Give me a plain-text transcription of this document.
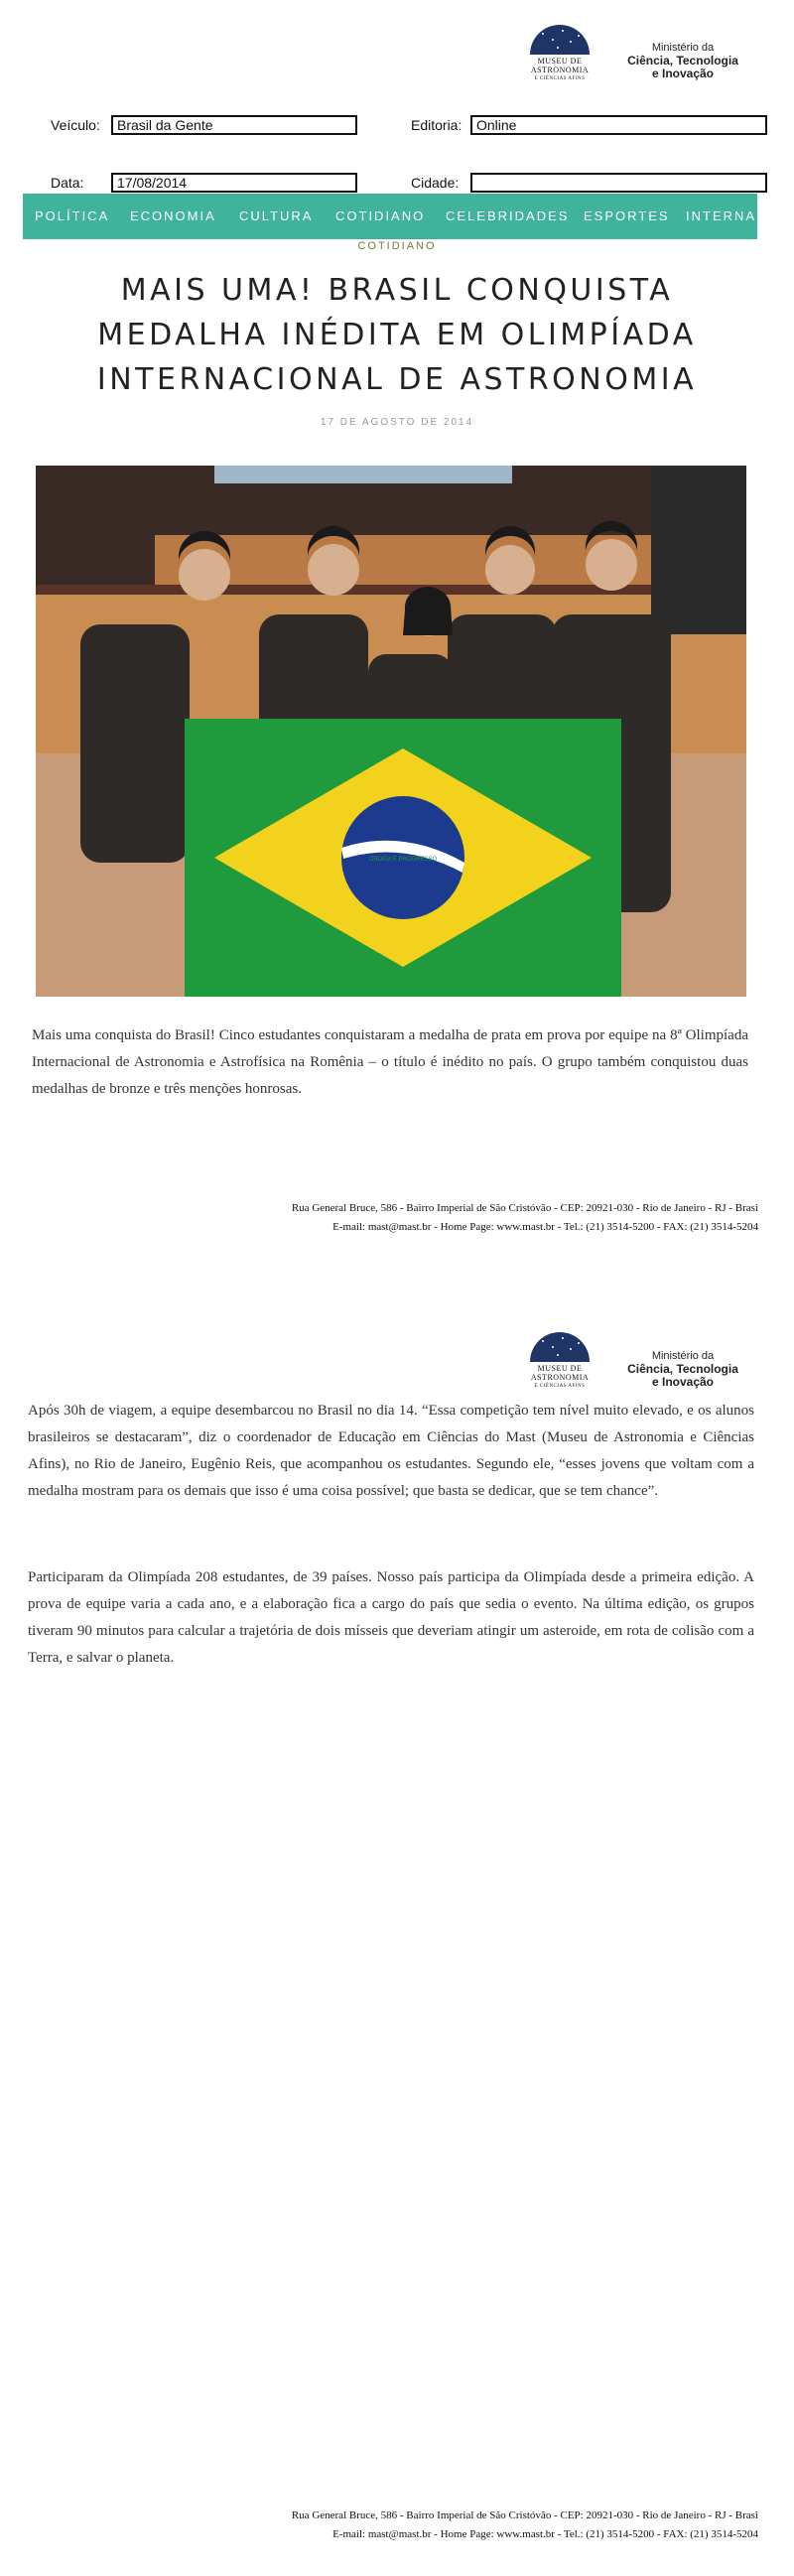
MUSEU DE
ASTRONOMIA
E CIÊNCIAS AFINS
Ministério da
Ciência, Tecnologia
e Inovação
Veículo:	Brasil da Gente	Editoria:	Online
Data:	17/08/2014	Cidade:
POLÍTICA ECONOMIA CULTURA COTIDIANO CELEBRIDADES ESPORTES INTERNA
COTIDIANO
MAIS UMA! BRASIL CONQUISTA
MEDALHA INÉDITA EM OLIMPÍADA
INTERNACIONAL DE ASTRONOMIA
17 DE AGOSTO DE 2014
ORDEM E PROGRESSO
Mais uma conquista do Brasil! Cinco estudantes conquistaram a medalha de prata em prova por equipe na 8ª Olimpíada Internacional de Astronomia e Astrofísica na Romênia – o título é inédito no país. O grupo também conquistou duas medalhas de bronze e três menções honrosas.
Rua General Bruce, 586 - Bairro Imperial de São Cristóvão - CEP: 20921-030 - Rio de Janeiro - RJ - Brasi
E-mail: mast@mast.br - Home Page: www.mast.br - Tel.: (21) 3514-5200 - FAX: (21) 3514-5204
MUSEU DE
ASTRONOMIA
E CIÊNCIAS AFINS
Ministério da
Ciência, Tecnologia
e Inovação
Após 30h de viagem, a equipe desembarcou no Brasil no dia 14. “Essa competição tem nível muito elevado, e os alunos brasileiros se destacaram”, diz o coordenador de Educação em Ciências do Mast (Museu de Astronomia e Ciências Afins), no Rio de Janeiro, Eugênio Reis, que acompanhou os estudantes. Segundo ele, “esses jovens que voltam com a medalha mostram para os demais que isso é uma coisa possível; que basta se dedicar, que se tem chance”.
Participaram da Olimpíada 208 estudantes, de 39 países. Nosso país participa da Olimpíada desde a primeira edição. A prova de equipe varia a cada ano, e a elaboração fica a cargo do país que sedia o evento. Na última edição, os grupos tiveram 90 minutos para calcular a trajetória de dois mísseis que deveriam atingir um asteroide, em rota de colisão com a Terra, e salvar o planeta.
Rua General Bruce, 586 - Bairro Imperial de São Cristóvão - CEP: 20921-030 - Rio de Janeiro - RJ - Brasi
E-mail: mast@mast.br - Home Page: www.mast.br - Tel.: (21) 3514-5200 - FAX: (21) 3514-5204
